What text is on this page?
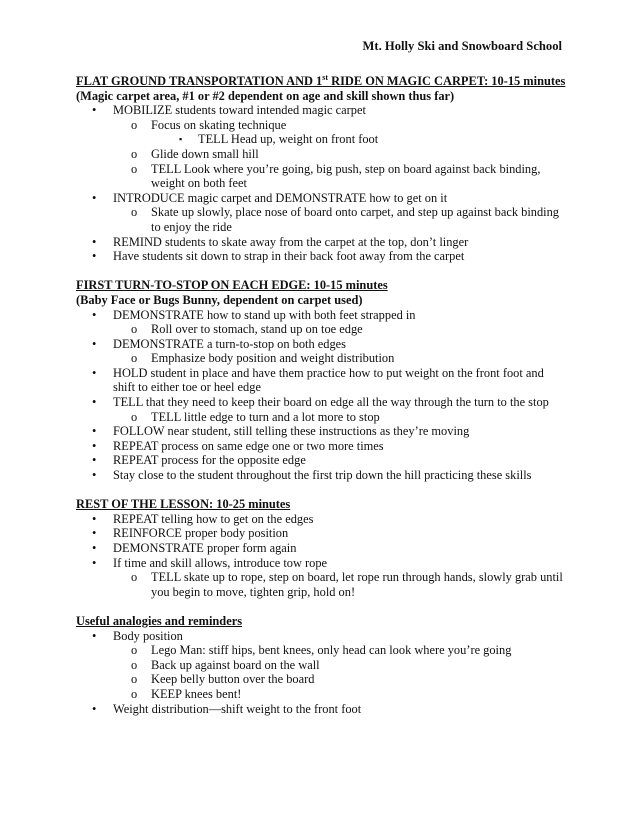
Mt. Holly Ski and Snowboard School
FLAT GROUND TRANSPORTATION AND 1st RIDE ON MAGIC CARPET: 10-15 minutes
(Magic carpet area, #1 or #2 dependent on age and skill shown thus far)
• MOBILIZE students toward intended magic carpet
o Focus on skating technique
▪ TELL Head up, weight on front foot
o Glide down small hill
o TELL Look where you’re going, big push, step on board against back binding, weight on both feet
• INTRODUCE magic carpet and DEMONSTRATE how to get on it
o Skate up slowly, place nose of board onto carpet, and step up against back binding to enjoy the ride
• REMIND students to skate away from the carpet at the top, don’t linger
• Have students sit down to strap in their back foot away from the carpet
FIRST TURN-TO-STOP ON EACH EDGE: 10-15 minutes
(Baby Face or Bugs Bunny, dependent on carpet used)
• DEMONSTRATE how to stand up with both feet strapped in
o Roll over to stomach, stand up on toe edge
• DEMONSTRATE a turn-to-stop on both edges
o Emphasize body position and weight distribution
• HOLD student in place and have them practice how to put weight on the front foot and shift to either toe or heel edge
• TELL that they need to keep their board on edge all the way through the turn to the stop
o TELL little edge to turn and a lot more to stop
• FOLLOW near student, still telling these instructions as they’re moving
• REPEAT process on same edge one or two more times
• REPEAT process for the opposite edge
• Stay close to the student throughout the first trip down the hill practicing these skills
REST OF THE LESSON: 10-25 minutes
• REPEAT telling how to get on the edges
• REINFORCE proper body position
• DEMONSTRATE proper form again
• If time and skill allows, introduce tow rope
o TELL skate up to rope, step on board, let rope run through hands, slowly grab until you begin to move, tighten grip, hold on!
Useful analogies and reminders
• Body position
o Lego Man: stiff hips, bent knees, only head can look where you’re going
o Back up against board on the wall
o Keep belly button over the board
o KEEP knees bent!
• Weight distribution—shift weight to the front foot
